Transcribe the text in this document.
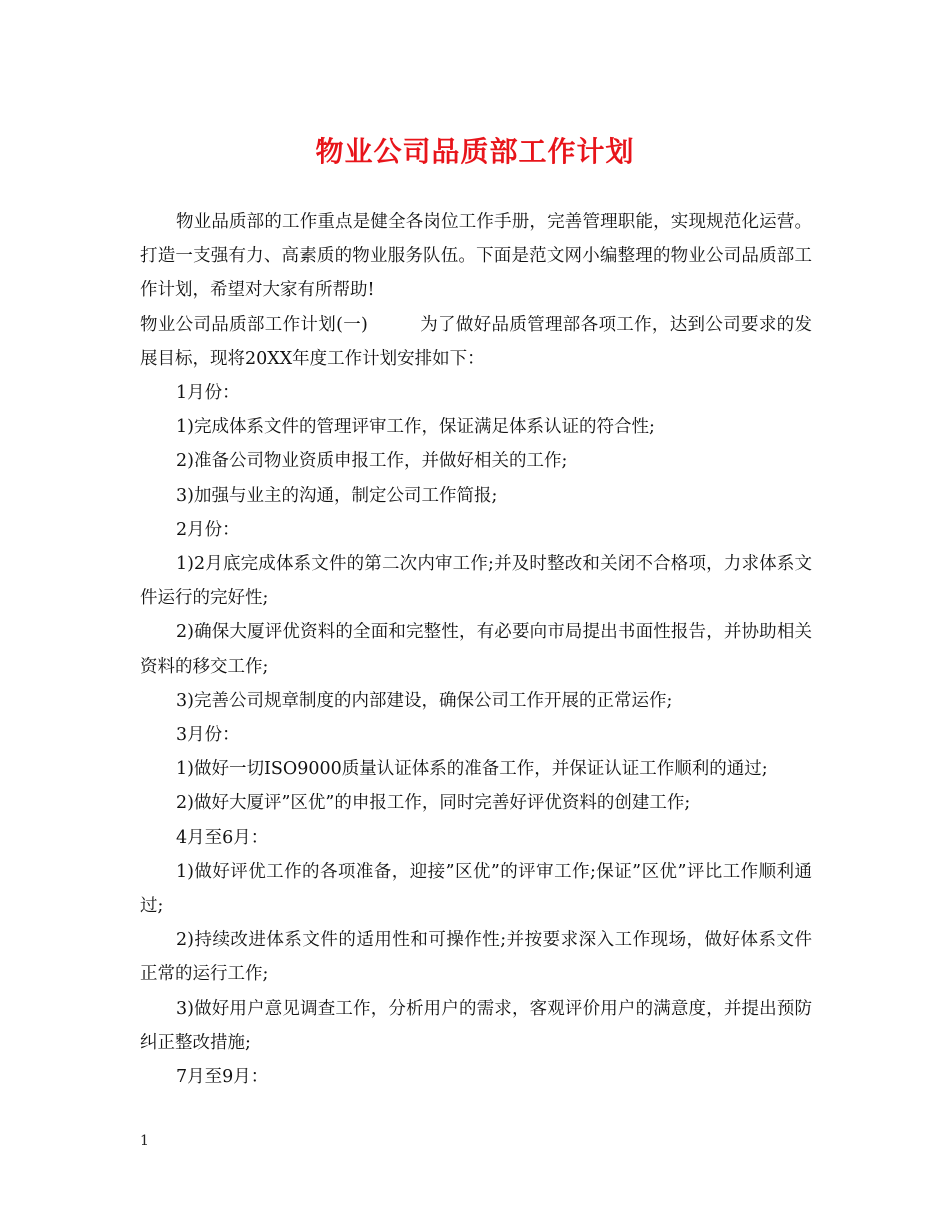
物业公司品质部工作计划

物业品质部的工作重点是健全各岗位工作手册，完善管理职能，实现规范化运营。打造一支强有力、高素质的物业服务队伍。下面是范文网小编整理的物业公司品质部工作计划，希望对大家有所帮助!

物业公司品质部工作计划(一)	为了做好品质管理部各项工作，达到公司要求的发展目标，现将20XX年度工作计划安排如下：

1月份：

1)完成体系文件的管理评审工作，保证满足体系认证的符合性;

2)准备公司物业资质申报工作，并做好相关的工作;

3)加强与业主的沟通，制定公司工作简报;

2月份：

1)2月底完成体系文件的第二次内审工作;并及时整改和关闭不合格项，力求体系文件运行的完好性;

2)确保大厦评优资料的全面和完整性，有必要向市局提出书面性报告，并协助相关资料的移交工作;

3)完善公司规章制度的内部建设，确保公司工作开展的正常运作;

3月份：

1)做好一切ISO9000质量认证体系的准备工作，并保证认证工作顺利的通过;

2)做好大厦评”区优”的申报工作，同时完善好评优资料的创建工作;

4月至6月：

1)做好评优工作的各项准备，迎接”区优”的评审工作;保证”区优”评比工作顺利通过;

2)持续改进体系文件的适用性和可操作性;并按要求深入工作现场，做好体系文件正常的运行工作;

3)做好用户意见调查工作，分析用户的需求，客观评价用户的满意度，并提出预防纠正整改措施;

7月至9月：

1
